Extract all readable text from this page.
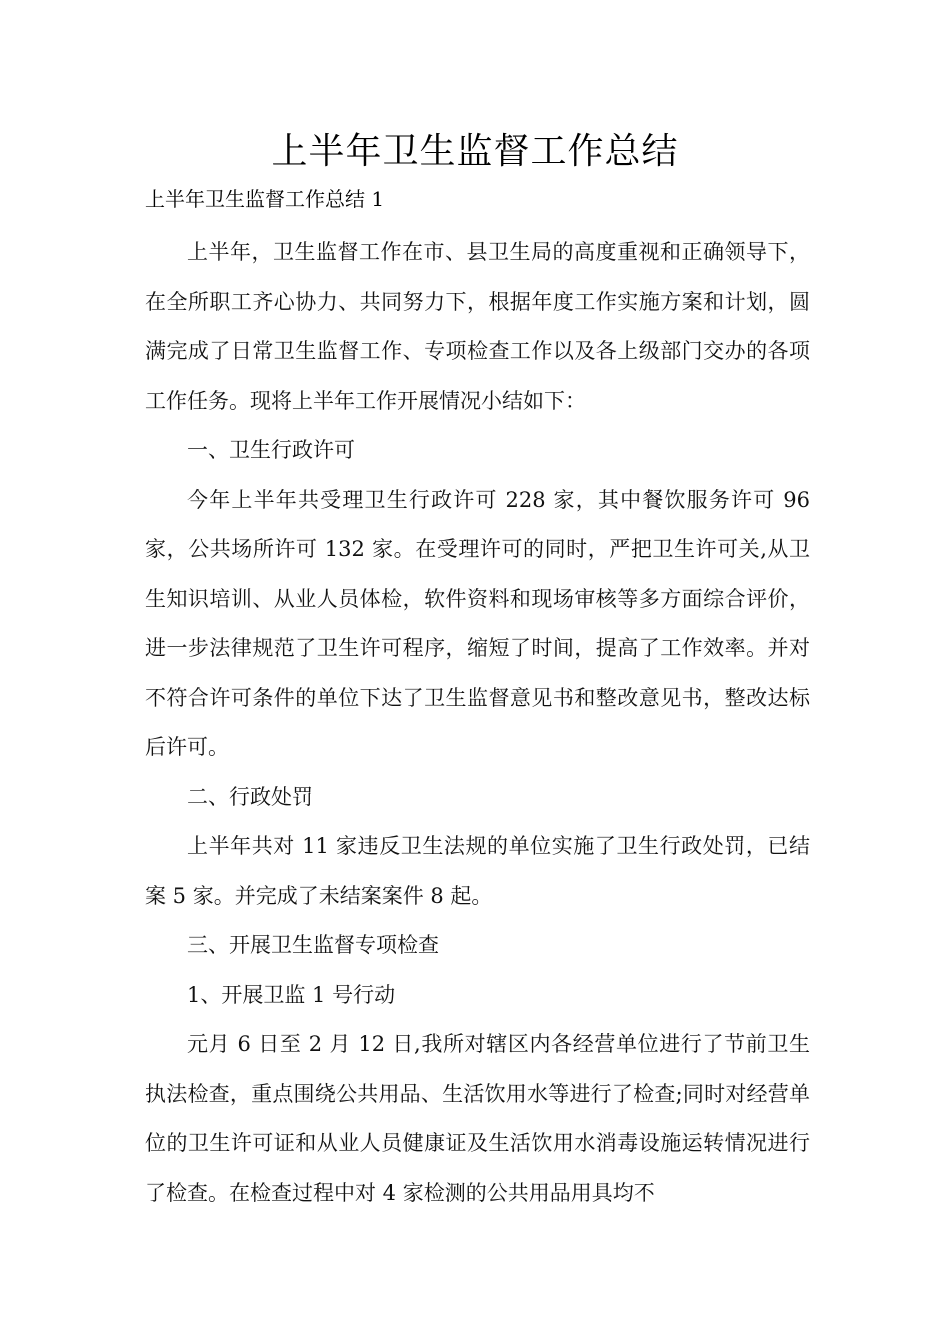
上半年卫生监督工作总结
上半年卫生监督工作总结 1

上半年，卫生监督工作在市、县卫生局的高度重视和正确领导下，在全所职工齐心协力、共同努力下，根据年度工作实施方案和计划，圆满完成了日常卫生监督工作、专项检查工作以及各上级部门交办的各项工作任务。现将上半年工作开展情况小结如下：

一、卫生行政许可

今年上半年共受理卫生行政许可 228 家，其中餐饮服务许可 96 家，公共场所许可 132 家。在受理许可的同时，严把卫生许可关,从卫生知识培训、从业人员体检，软件资料和现场审核等多方面综合评价，进一步法律规范了卫生许可程序，缩短了时间，提高了工作效率。并对不符合许可条件的单位下达了卫生监督意见书和整改意见书，整改达标后许可。

二、行政处罚

上半年共对 11 家违反卫生法规的单位实施了卫生行政处罚，已结案 5 家。并完成了未结案案件 8 起。

三、开展卫生监督专项检查

1、开展卫监 1 号行动

元月 6 日至 2 月 12 日,我所对辖区内各经营单位进行了节前卫生执法检查，重点围绕公共用品、生活饮用水等进行了检查;同时对经营单位的卫生许可证和从业人员健康证及生活饮用水消毒设施运转情况进行了检查。在检查过程中对 4 家检测的公共用品用具均不
